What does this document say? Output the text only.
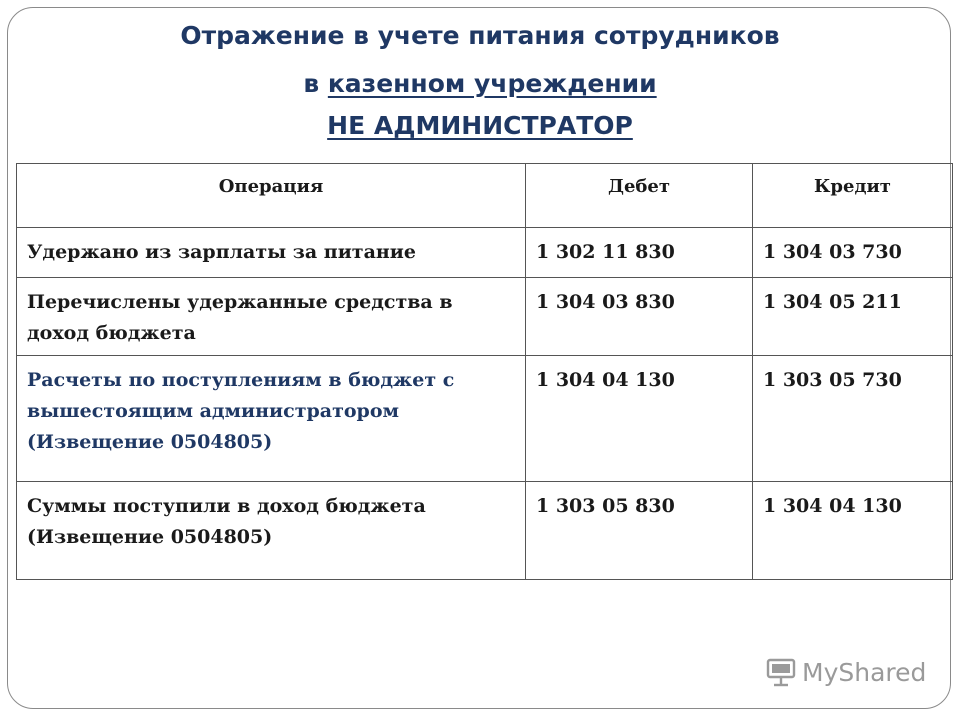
Отражение в учете питания сотрудников
в казенном учреждении
НЕ АДМИНИСТРАТОР
Операция	Дебет	Кредит
Удержано из зарплаты за питание	1 302 11 830	1 304 03 730
Перечислены удержанные средства в доход бюджета	1 304 03 830	1 304 05 211
Расчеты по поступлениям в бюджет с вышестоящим администратором (Извещение 0504805)	1 304 04 130	1 303 05 730
Суммы поступили в доход бюджета (Извещение 0504805)	1 303 05 830	1 304 04 130
MyShared
